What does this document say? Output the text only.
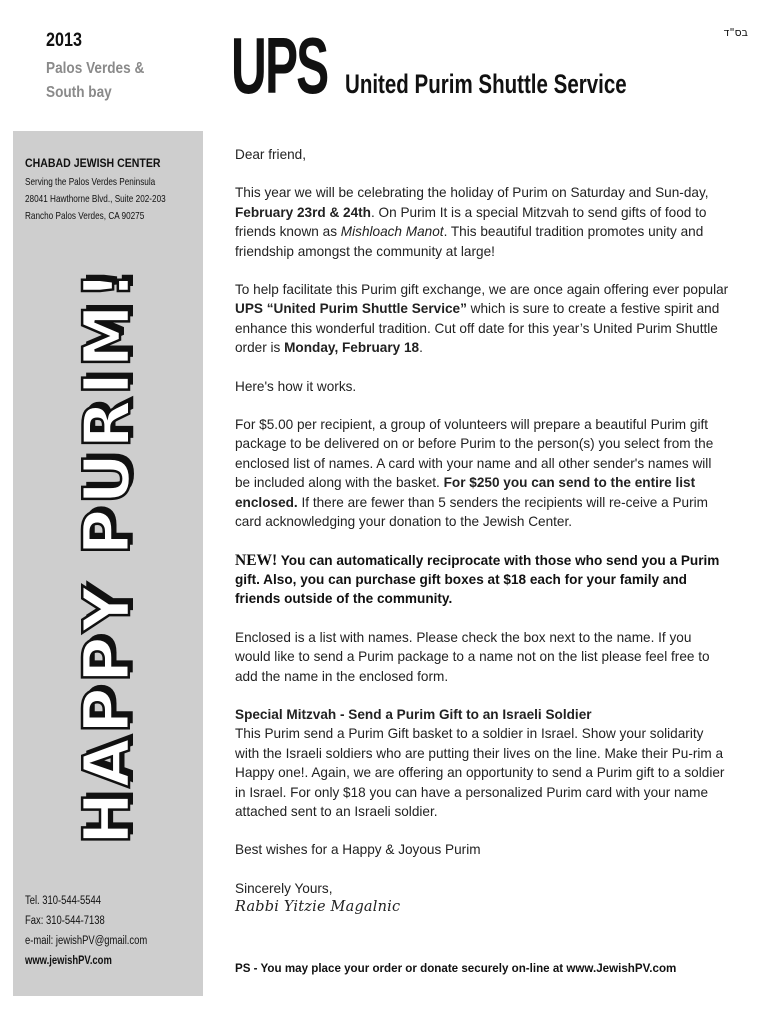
2013
Palos Verdes &
South bay
בס"ד
UPS United Purim Shuttle Service
CHABAD JEWISH CENTER
Serving the Palos Verdes Peninsula
28041 Hawthorne Blvd., Suite 202-203
Rancho Palos Verdes, CA 90275
HAPPY PURIM!
Tel. 310-544-5544
Fax: 310-544-7138
e-mail: jewishPV@gmail.com
www.jewishPV.com

Dear friend,

This year we will be celebrating the holiday of Purim on Saturday and Sun-day, February 23rd & 24th. On Purim It is a special Mitzvah to send gifts of food to friends known as Mishloach Manot. This beautiful tradition promotes unity and friendship amongst the community at large!

To help facilitate this Purim gift exchange, we are once again offering ever popular UPS “United Purim Shuttle Service” which is sure to create a festive spirit and enhance this wonderful tradition. Cut off date for this year’s United Purim Shuttle order is Monday, February 18.

Here's how it works.

For $5.00 per recipient, a group of volunteers will prepare a beautiful Purim gift package to be delivered on or before Purim to the person(s) you select from the enclosed list of names. A card with your name and all other sender's names will be included along with the basket. For $250 you can send to the entire list enclosed. If there are fewer than 5 senders the recipients will re-ceive a Purim card acknowledging your donation to the Jewish Center.

NEW! You can automatically reciprocate with those who send you a Purim gift. Also, you can purchase gift boxes at $18 each for your family and friends outside of the community.

Enclosed is a list with names. Please check the box next to the name. If you would like to send a Purim package to a name not on the list please feel free to add the name in the enclosed form.

Special Mitzvah - Send a Purim Gift to an Israeli Soldier

This Purim send a Purim Gift basket to a soldier in Israel. Show your solidarity with the Israeli soldiers who are putting their lives on the line. Make their Pu-rim a Happy one!. Again, we are offering an opportunity to send a Purim gift to a soldier in Israel. For only $18 you can have a personalized Purim card with your name attached sent to an Israeli soldier.

Best wishes for a Happy & Joyous Purim

Sincerely Yours,

Rabbi Yitzie Magalnic

PS - You may place your order or donate securely on-line at www.JewishPV.com
